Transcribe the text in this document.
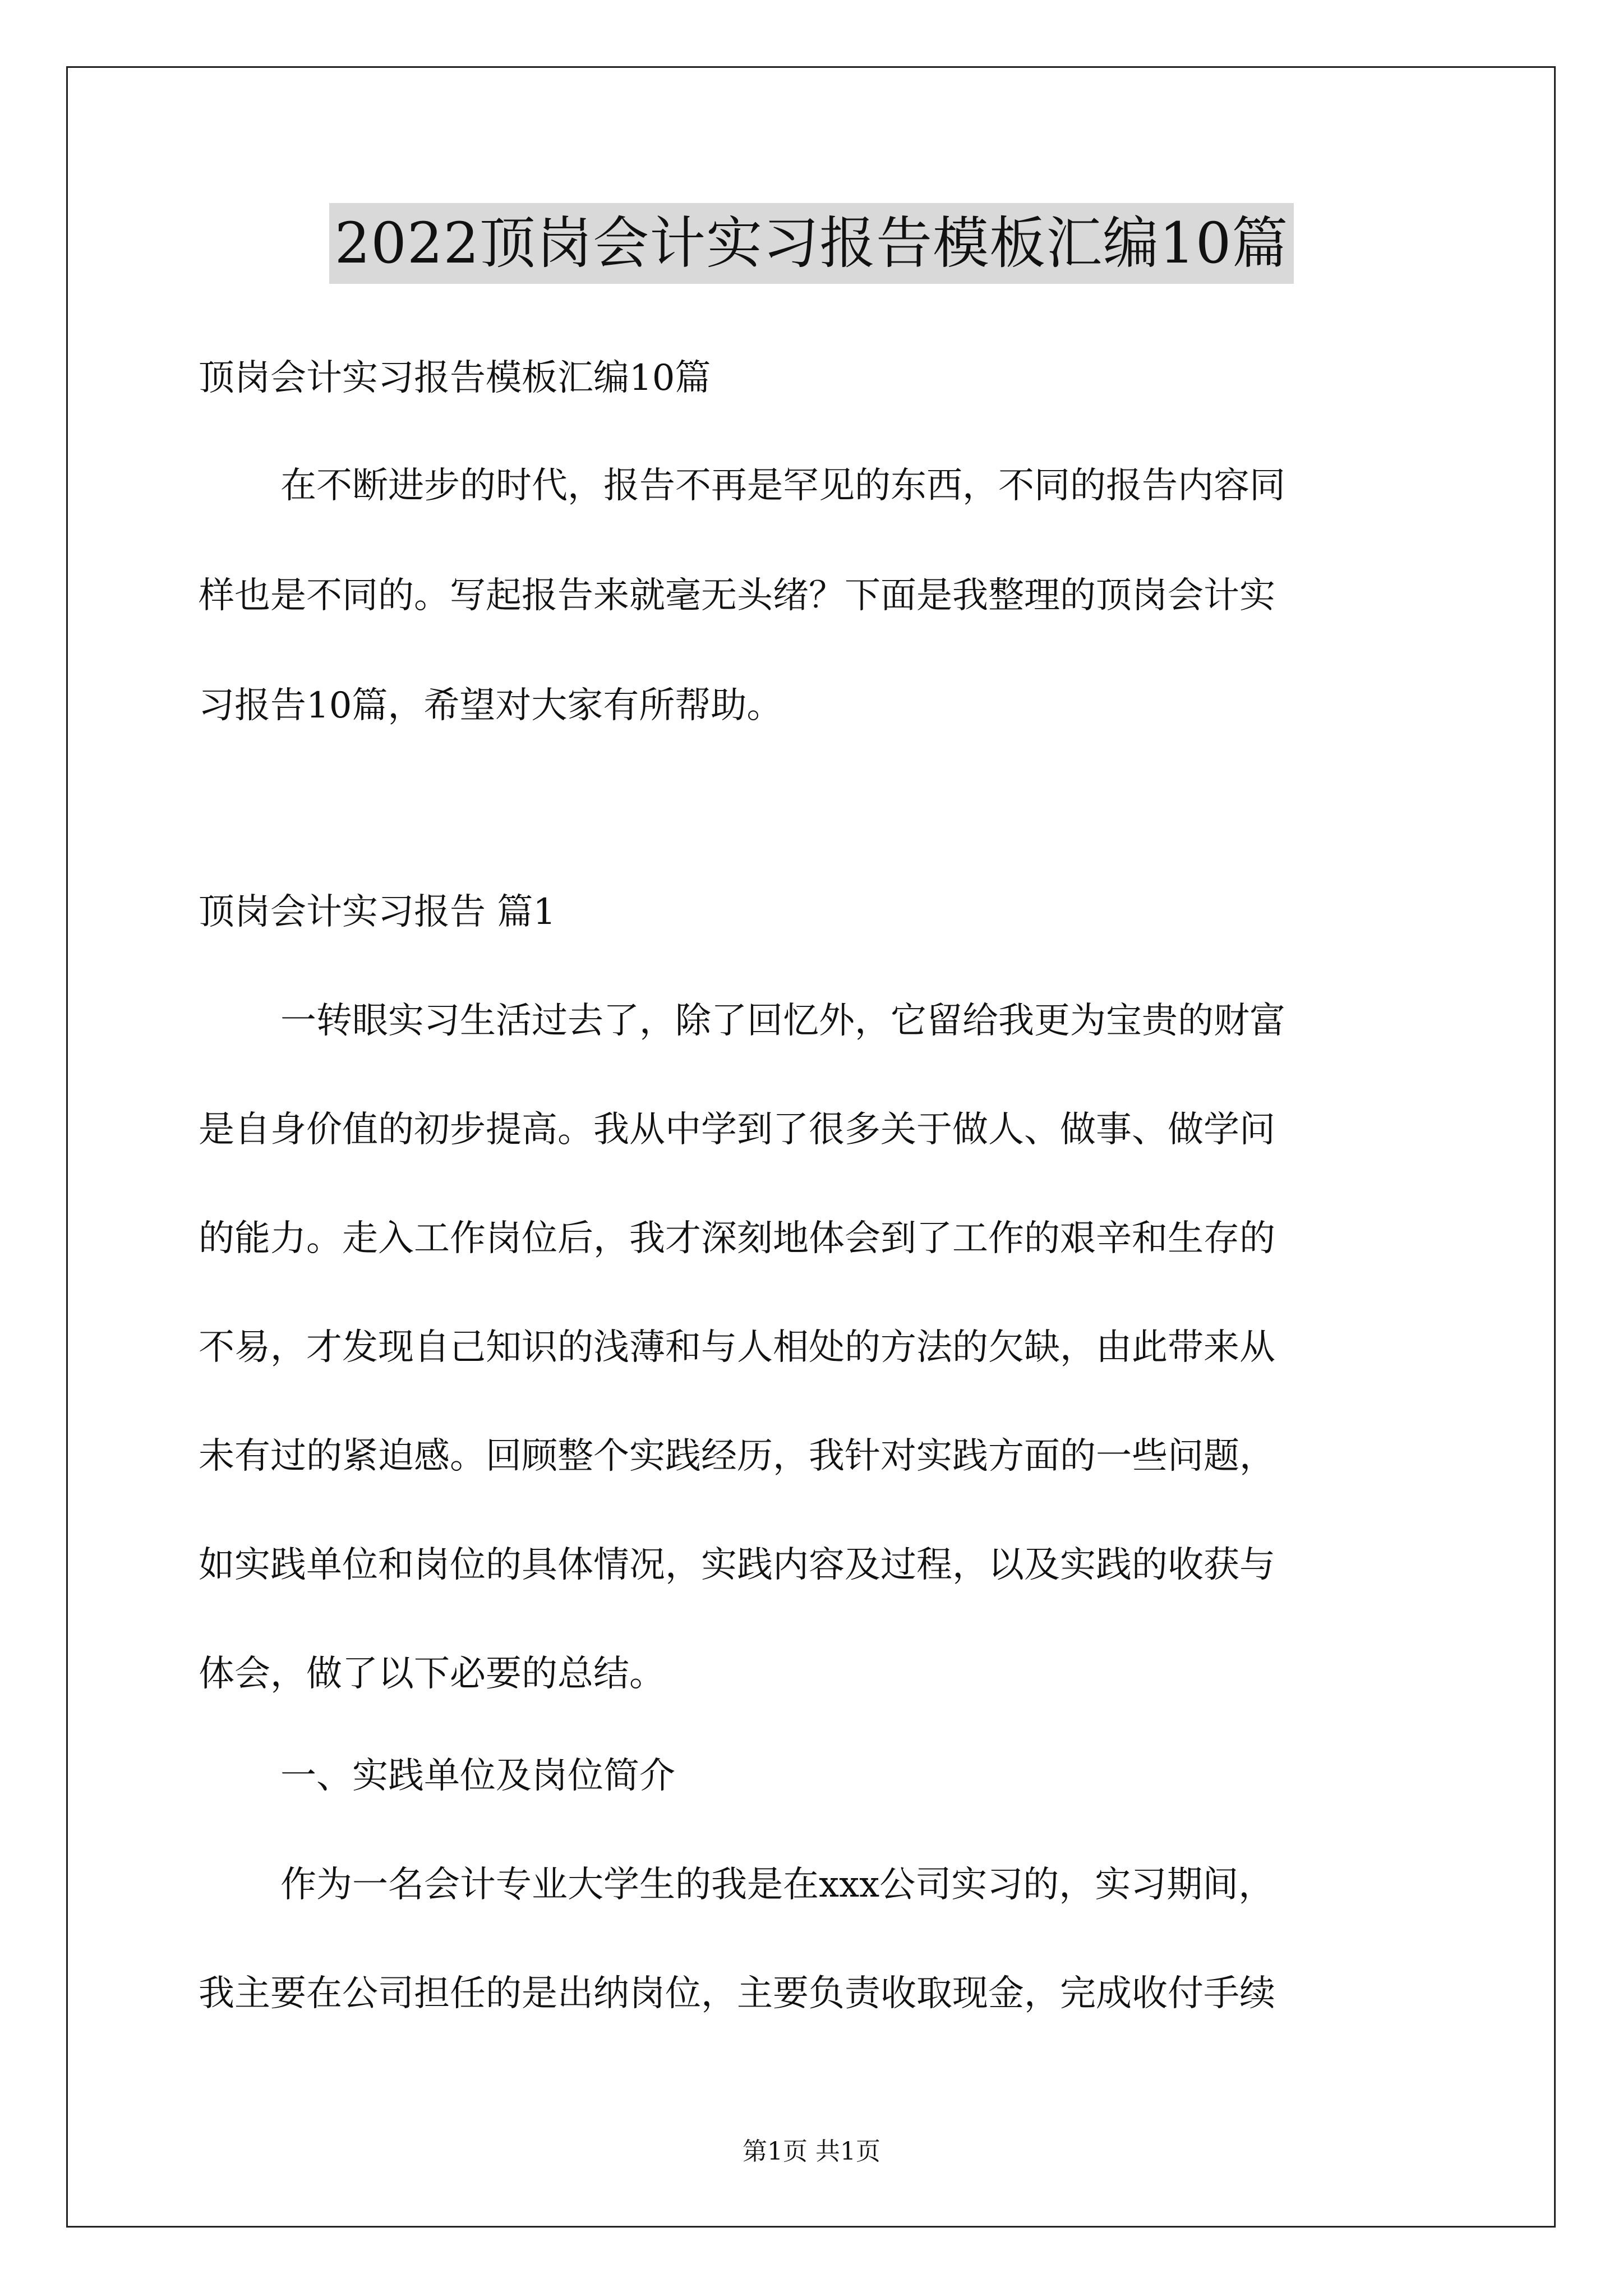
2022顶岗会计实习报告模板汇编10篇
顶岗会计实习报告模板汇编10篇
在不断进步的时代，报告不再是罕见的东西，不同的报告内容同
样也是不同的。写起报告来就毫无头绪？下面是我整理的顶岗会计实
习报告10篇，希望对大家有所帮助。
顶岗会计实习报告 篇1
一转眼实习生活过去了，除了回忆外，它留给我更为宝贵的财富
是自身价值的初步提高。我从中学到了很多关于做人、做事、做学问
的能力。走入工作岗位后，我才深刻地体会到了工作的艰辛和生存的
不易，才发现自己知识的浅薄和与人相处的方法的欠缺，由此带来从
未有过的紧迫感。回顾整个实践经历，我针对实践方面的一些问题，
如实践单位和岗位的具体情况，实践内容及过程，以及实践的收获与
体会，做了以下必要的总结。
一、实践单位及岗位简介
作为一名会计专业大学生的我是在xxx公司实习的，实习期间，
我主要在公司担任的是出纳岗位，主要负责收取现金，完成收付手续
第1页 共1页
